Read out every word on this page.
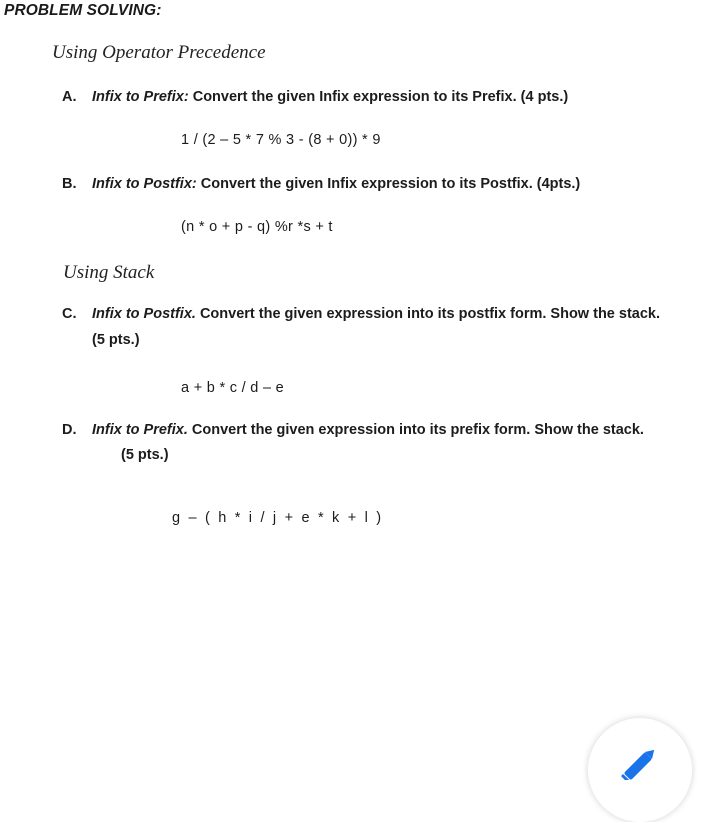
PROBLEM SOLVING:
Using Operator Precedence
A. Infix to Prefix: Convert the given Infix expression to its Prefix. (4 pts.)
1 / (2 – 5 * 7 % 3 - (8 + 0)) * 9
B. Infix to Postfix: Convert the given Infix expression to its Postfix. (4pts.)
(n * o + p - q) %r *s + t
Using Stack
C. Infix to Postfix. Convert the given expression into its postfix form. Show the stack.
(5 pts.)
a + b * c / d – e
D. Infix to Prefix. Convert the given expression into its prefix form. Show the stack.
(5 pts.)
g – ( h * i / j + e * k + l )
